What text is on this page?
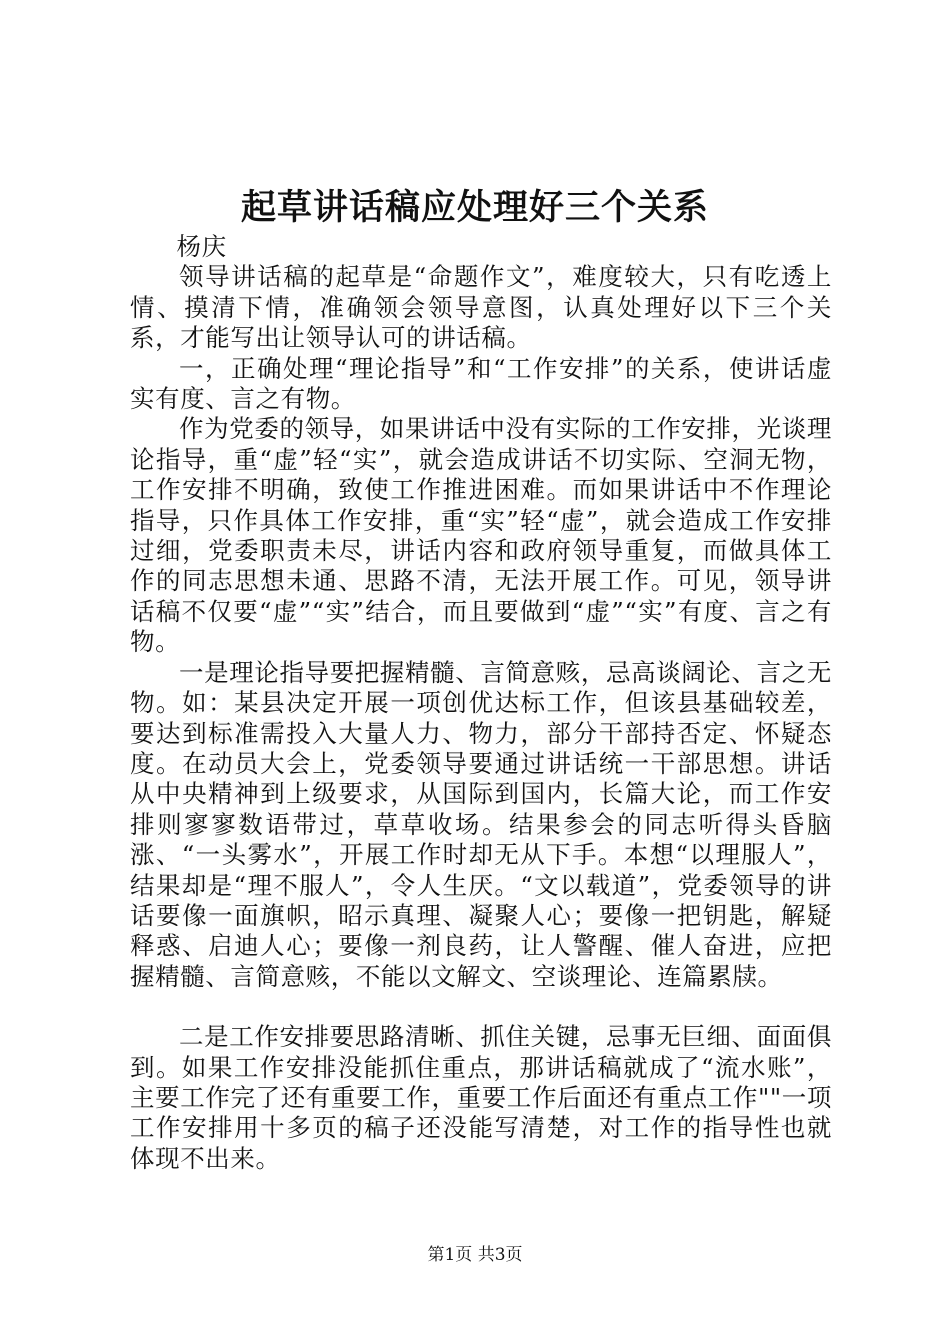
起草讲话稿应处理好三个关系

杨庆

领导讲话稿的起草是“命题作文”，难度较大，只有吃透上情、摸清下情，准确领会领导意图，认真处理好以下三个关系，才能写出让领导认可的讲话稿。

一，正确处理“理论指导”和“工作安排”的关系，使讲话虚实有度、言之有物。

作为党委的领导，如果讲话中没有实际的工作安排，光谈理论指导，重“虚”轻“实”，就会造成讲话不切实际、空洞无物，工作安排不明确，致使工作推进困难。而如果讲话中不作理论指导，只作具体工作安排，重“实”轻“虚”，就会造成工作安排过细，党委职责未尽，讲话内容和政府领导重复，而做具体工作的同志思想未通、思路不清，无法开展工作。可见，领导讲话稿不仅要“虚”“实”结合，而且要做到“虚”“实”有度、言之有物。

一是理论指导要把握精髓、言简意赅，忌高谈阔论、言之无物。如：某县决定开展一项创优达标工作，但该县基础较差，要达到标准需投入大量人力、物力，部分干部持否定、怀疑态度。在动员大会上，党委领导要通过讲话统一干部思想。讲话从中央精神到上级要求，从国际到国内，长篇大论，而工作安排则寥寥数语带过，草草收场。结果参会的同志听得头昏脑涨、“一头雾水”，开展工作时却无从下手。本想“以理服人”，结果却是“理不服人”，令人生厌。“文以载道”，党委领导的讲话要像一面旗帜，昭示真理、凝聚人心；要像一把钥匙，解疑释惑、启迪人心；要像一剂良药，让人警醒、催人奋进，应把握精髓、言简意赅，不能以文解文、空谈理论、连篇累牍。

二是工作安排要思路清晰、抓住关键，忌事无巨细、面面俱到。如果工作安排没能抓住重点，那讲话稿就成了“流水账”，主要工作完了还有重要工作，重要工作后面还有重点工作""一项工作安排用十多页的稿子还没能写清楚，对工作的指导性也就体现不出来。

第1页 共3页
